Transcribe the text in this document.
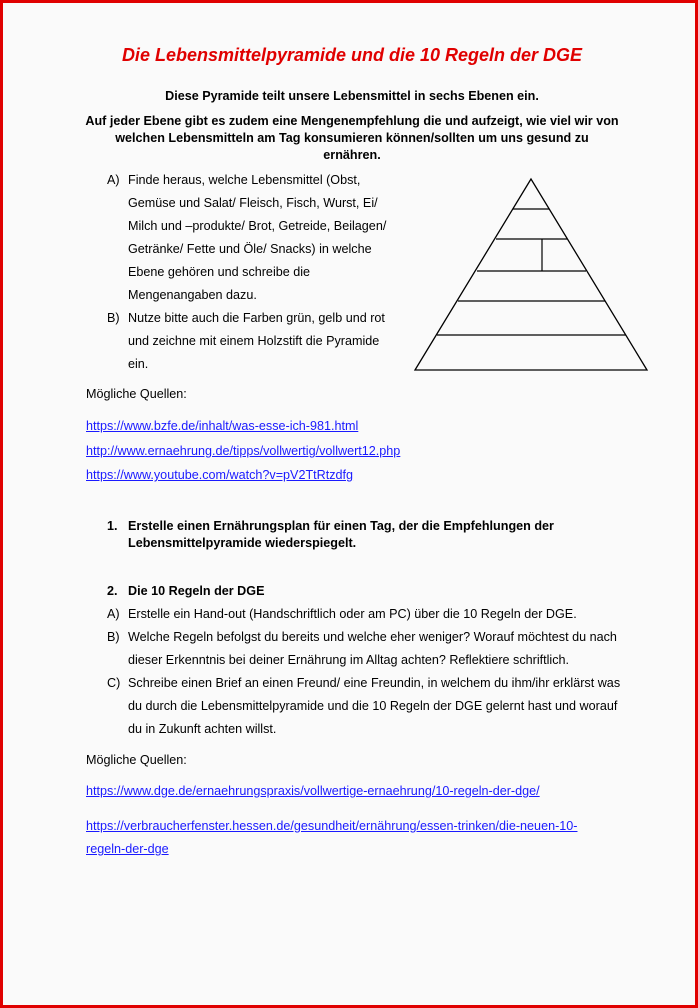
Die Lebensmittelpyramide und die 10 Regeln der DGE
Diese Pyramide teilt unsere Lebensmittel in sechs Ebenen ein.
Auf jeder Ebene gibt es zudem eine Mengenempfehlung die und aufzeigt, wie viel wir von welchen Lebensmitteln am Tag konsumieren können/sollten um uns gesund zu ernähren.
A) Finde heraus, welche Lebensmittel (Obst, Gemüse und Salat/ Fleisch, Fisch, Wurst, Ei/ Milch und –produkte/ Brot, Getreide, Beilagen/ Getränke/ Fette und Öle/ Snacks) in welche Ebene gehören und schreibe die Mengenangaben dazu.
B) Nutze bitte auch die Farben grün, gelb und rot und zeichne mit einem Holzstift die Pyramide ein.
Mögliche Quellen:
https://www.bzfe.de/inhalt/was-esse-ich-981.html
http://www.ernaehrung.de/tipps/vollwertig/vollwert12.php
https://www.youtube.com/watch?v=pV2TtRtzdfg
1. Erstelle einen Ernährungsplan für einen Tag, der die Empfehlungen der Lebensmittelpyramide wiederspiegelt.
2. Die 10 Regeln der DGE
A) Erstelle ein Hand-out (Handschriftlich oder am PC) über die 10 Regeln der DGE.
B) Welche Regeln befolgst du bereits und welche eher weniger? Worauf möchtest du nach dieser Erkenntnis bei deiner Ernährung im Alltag achten? Reflektiere schriftlich.
C) Schreibe einen Brief an einen Freund/ eine Freundin, in welchem du ihm/ihr erklärst was du durch die Lebensmittelpyramide und die 10 Regeln der DGE gelernt hast und worauf du in Zukunft achten willst.
Mögliche Quellen:
https://www.dge.de/ernaehrungspraxis/vollwertige-ernaehrung/10-regeln-der-dge/
https://verbraucherfenster.hessen.de/gesundheit/ernährung/essen-trinken/die-neuen-10-regeln-der-dge
